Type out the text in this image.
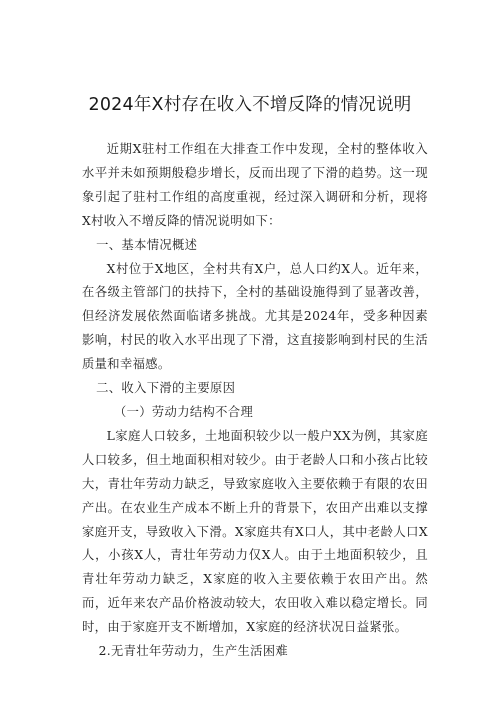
2024年X村存在收入不增反降的情况说明

近期X驻村工作组在大排查工作中发现，全村的整体收入水平并未如预期般稳步增长，反而出现了下滑的趋势。这一现象引起了驻村工作组的高度重视，经过深入调研和分析，现将X村收入不增反降的情况说明如下：

一、基本情况概述

X村位于X地区，全村共有X户，总人口约X人。近年来，在各级主管部门的扶持下，全村的基础设施得到了显著改善，但经济发展依然面临诸多挑战。尤其是2024年，受多种因素影响，村民的收入水平出现了下滑，这直接影响到村民的生活质量和幸福感。

二、收入下滑的主要原因

（一）劳动力结构不合理

L家庭人口较多，土地面积较少以一般户XX为例，其家庭人口较多，但土地面积相对较少。由于老龄人口和小孩占比较大，青壮年劳动力缺乏，导致家庭收入主要依赖于有限的农田产出。在农业生产成本不断上升的背景下，农田产出难以支撑家庭开支，导致收入下滑。X家庭共有X口人，其中老龄人口X人，小孩X人，青壮年劳动力仅X人。由于土地面积较少，且青壮年劳动力缺乏，X家庭的收入主要依赖于农田产出。然而，近年来农产品价格波动较大，农田收入难以稳定增长。同时，由于家庭开支不断增加，X家庭的经济状况日益紧张。

2.无青壮年劳动力，生产生活困难
